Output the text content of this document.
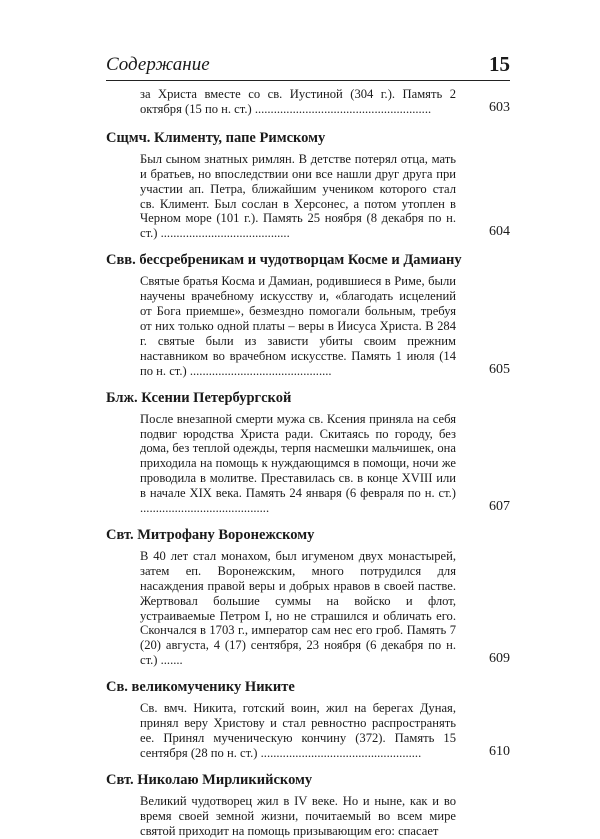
Содержание	15

за Христа вместе со св. Иустиной (304 г.). Память 2 октября (15 по н. ст.) ........................................................	603
Сщмч. Клименту, папе Римскому

Был сыном знатных римлян. В детстве потерял отца, мать и братьев, но впоследствии они все нашли друг друга при участии ап. Петра, ближайшим учеником которого стал св. Климент. Был сослан в Херсонес, а потом утоплен в Черном море (101 г.). Память 25 ноября (8 декабря по н. ст.) .........................................	604
Свв. бессребреникам и чудотворцам Косме и Дамиану

Святые братья Косма и Дамиан, родившиеся в Риме, были научены врачебному искусству и, «благодать исцелений от Бога приемше», безмездно помогали больным, требуя от них только одной платы – веры в Иисуса Христа. В 284 г. святые были из зависти убиты своим прежним наставником во врачебном искусстве. Память 1 июля (14 по н. ст.) .............................................	605
Блж. Ксении Петербургской

После внезапной смерти мужа св. Ксения приняла на себя подвиг юродства Христа ради. Скитаясь по городу, без дома, без теплой одежды, терпя насмешки мальчишек, она приходила на помощь к нуждающимся в помощи, ночи же проводила в молитве. Преставилась св. в конце XVIII или в начале XIX века. Память 24 января (6 февраля по н. ст.) .........................................	607
Свт. Митрофану Воронежскому

В 40 лет стал монахом, был игуменом двух монастырей, затем еп. Воронежским, много потрудился для насаждения правой веры и добрых нравов в своей пастве. Жертвовал большие суммы на войско и флот, устраиваемые Петром I, но не страшился и обличать его. Скончался в 1703 г., император сам нес его гроб. Память 7 (20) августа, 4 (17) сентября, 23 ноября (6 декабря по н. ст.) .......	609
Св. великомученику Никите

Св. вмч. Никита, готский воин, жил на берегах Дуная, принял веру Христову и стал ревностно распространять ее. Принял мученическую кончину (372). Память 15 сентября (28 по н. ст.) ...................................................	610
Свт. Николаю Мирликийскому

Великий чудотворец жил в IV веке. Но и ныне, как и во время своей земной жизни, почитаемый во всем мире святой приходит на помощь призывающим его: спасает
